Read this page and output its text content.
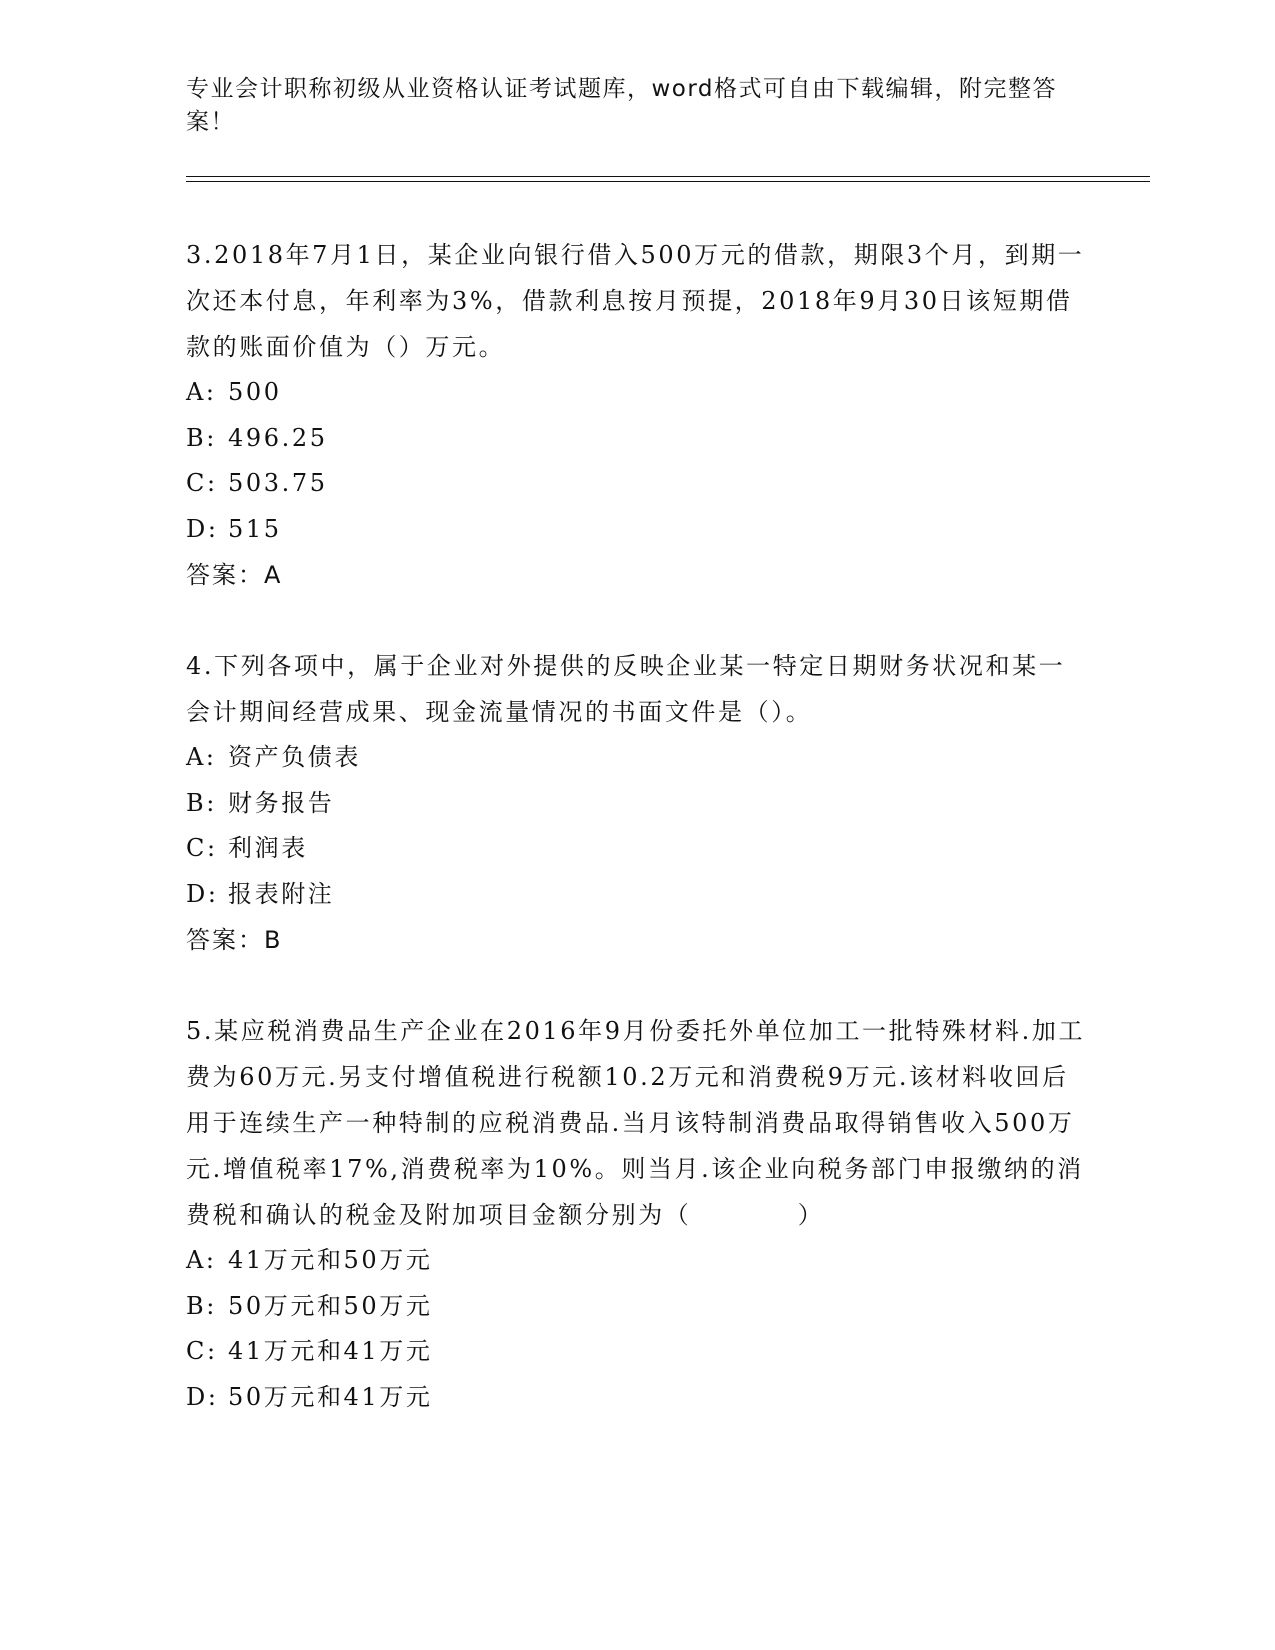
专业会计职称初级从业资格认证考试题库，word格式可自由下载编辑，附完整答案！

3.2018年7月1日，某企业向银行借入500万元的借款，期限3个月，到期一次还本付息，年利率为3%，借款利息按月预提，2018年9月30日该短期借款的账面价值为（）万元。

A: 500
B: 496.25
C: 503.75
D: 515

答案：A

4.下列各项中，属于企业对外提供的反映企业某一特定日期财务状况和某一会计期间经营成果、现金流量情况的书面文件是（）。

A: 资产负债表
B: 财务报告
C: 利润表
D: 报表附注

答案：B

5.某应税消费品生产企业在2016年9月份委托外单位加工一批特殊材料.加工费为60万元.另支付增值税进行税额10.2万元和消费税9万元.该材料收回后用于连续生产一种特制的应税消费品.当月该特制消费品取得销售收入500万元.增值税率17%,消费税率为10%。则当月.该企业向税务部门申报缴纳的消费税和确认的税金及附加项目金额分别为（　　　　）

A: 41万元和50万元
B: 50万元和50万元
C: 41万元和41万元
D: 50万元和41万元
